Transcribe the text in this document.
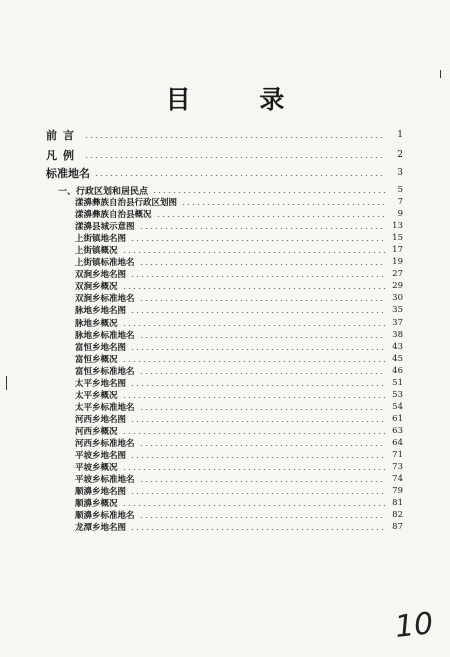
目 录
前言	1
凡例	2
标准地名	3
一、行政区划和居民点	5
漾濞彝族自治县行政区划图	7
漾濞彝族自治县概况	9
漾濞县城示意图	13
上街镇地名图	15
上街镇概况	17
上街镇标准地名	19
双涧乡地名图	27
双涧乡概况	29
双涧乡标准地名	30
脉地乡地名图	35
脉地乡概况	37
脉地乡标准地名	38
富恒乡地名图	43
富恒乡概况	45
富恒乡标准地名	46
太平乡地名图	51
太平乡概况	53
太平乡标准地名	54
河西乡地名图	61
河西乡概况	63
河西乡标准地名	64
平坡乡地名图	71
平坡乡概况	73
平坡乡标准地名	74
顺濞乡地名图	79
顺濞乡概况	81
顺濞乡标准地名	82
龙潭乡地名图	87
10
